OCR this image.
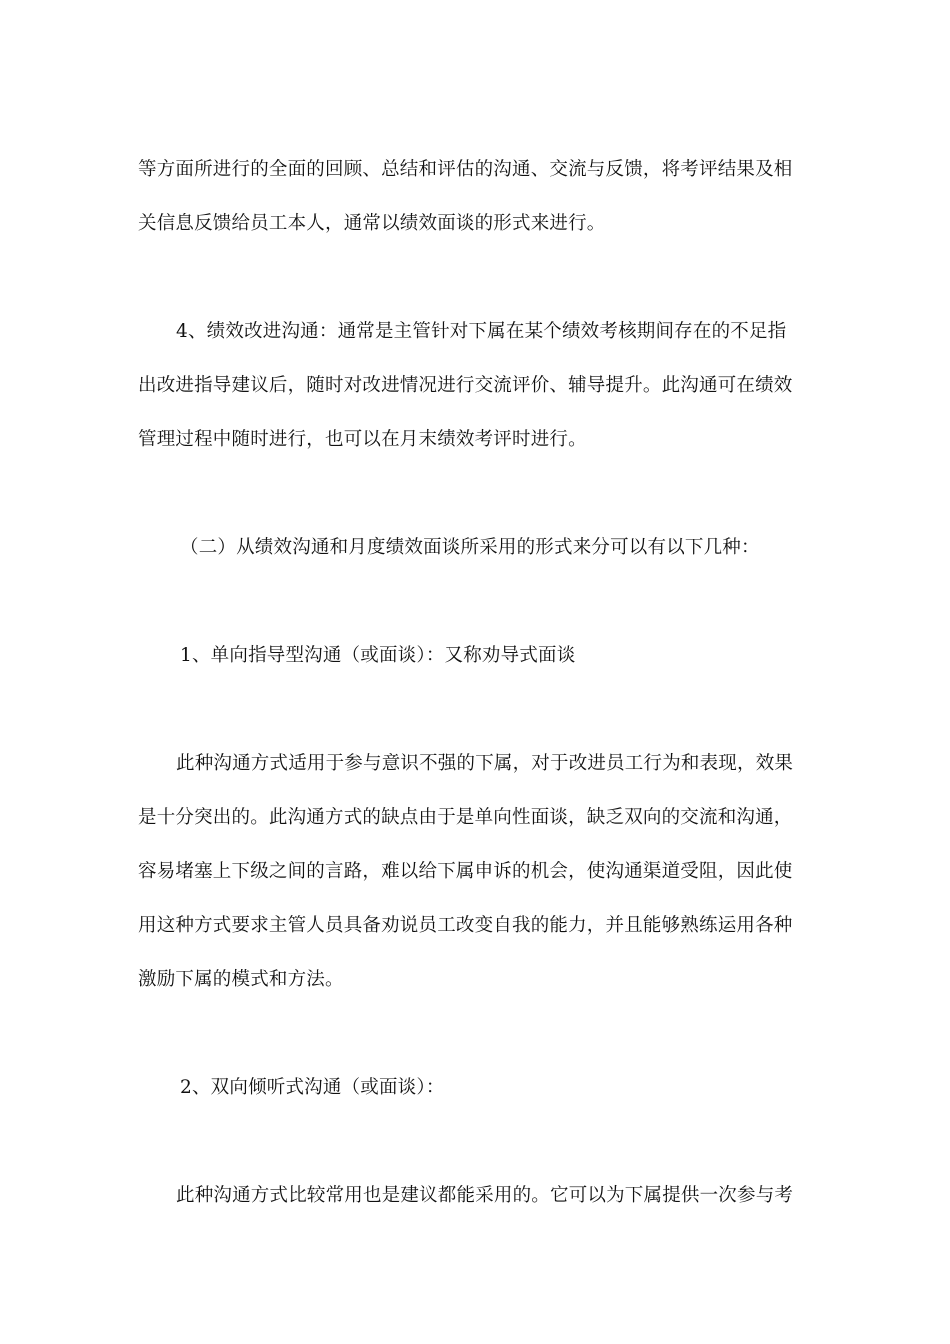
等方面所进行的全面的回顾、总结和评估的沟通、交流与反馈，将考评结果及相
关信息反馈给员工本人，通常以绩效面谈的形式来进行。
4、绩效改进沟通：通常是主管针对下属在某个绩效考核期间存在的不足指
出改进指导建议后，随时对改进情况进行交流评价、辅导提升。此沟通可在绩效
管理过程中随时进行，也可以在月末绩效考评时进行。
（二）从绩效沟通和月度绩效面谈所采用的形式来分可以有以下几种：
1、单向指导型沟通（或面谈）：又称劝导式面谈
此种沟通方式适用于参与意识不强的下属，对于改进员工行为和表现，效果
是十分突出的。此沟通方式的缺点由于是单向性面谈，缺乏双向的交流和沟通，
容易堵塞上下级之间的言路，难以给下属申诉的机会，使沟通渠道受阻，因此使
用这种方式要求主管人员具备劝说员工改变自我的能力，并且能够熟练运用各种
激励下属的模式和方法。
2、双向倾听式沟通（或面谈）：
此种沟通方式比较常用也是建议都能采用的。它可以为下属提供一次参与考
